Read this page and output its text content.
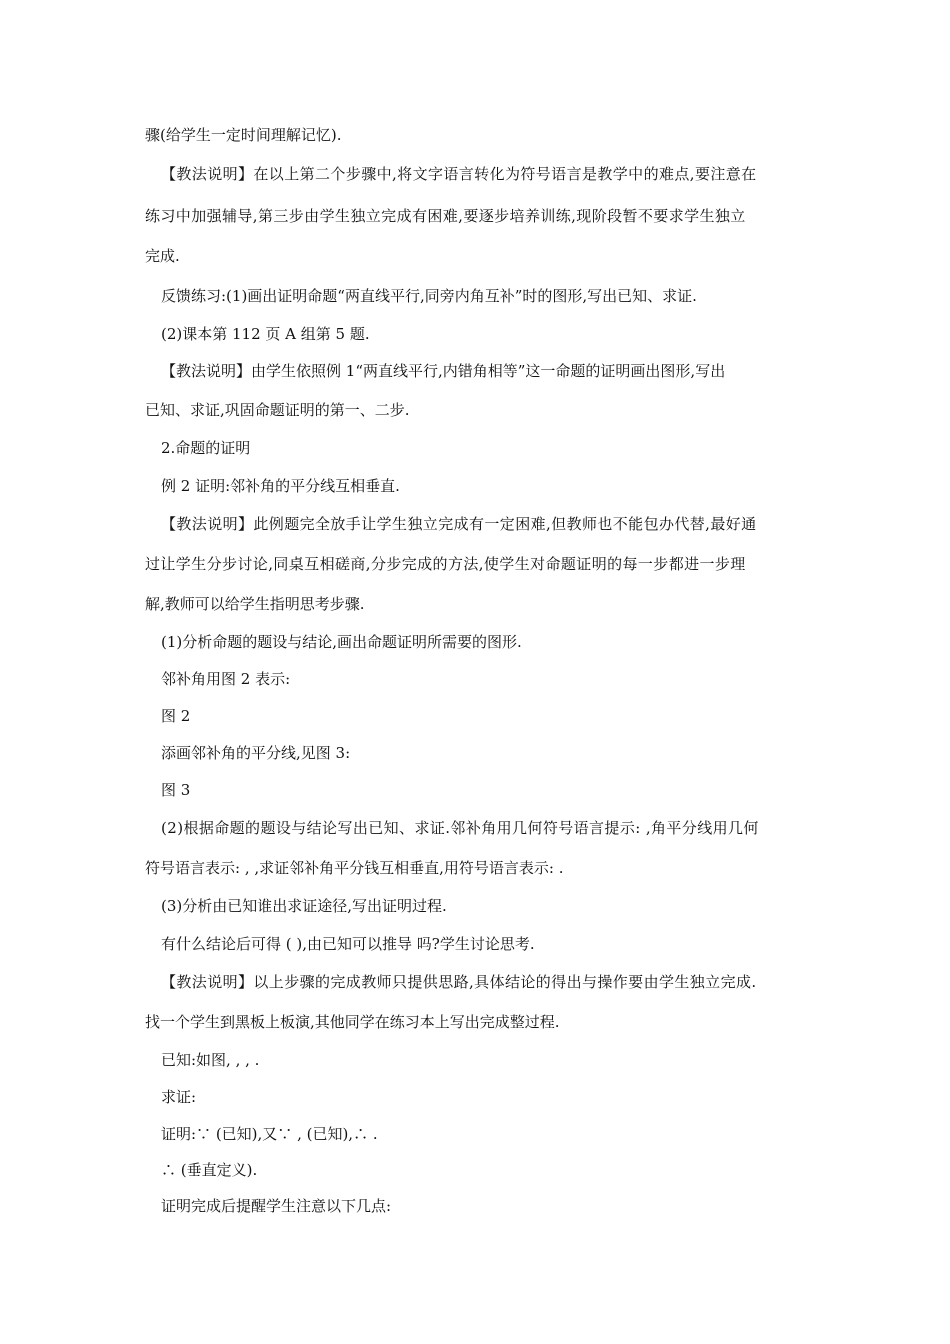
骤(给学生一定时间理解记忆).

【教法说明】在以上第二个步骤中,将文字语言转化为符号语言是教学中的难点,要注意在

练习中加强辅导,第三步由学生独立完成有困难,要逐步培养训练,现阶段暂不要求学生独立

完成.

反馈练习:(1)画出证明命题“两直线平行,同旁内角互补”时的图形,写出已知、求证.

(2)课本第 112 页 A 组第 5 题.

【教法说明】由学生依照例 1“两直线平行,内错角相等”这一命题的证明画出图形,写出

已知、求证,巩固命题证明的第一、二步.

2.命题的证明

例 2 证明:邻补角的平分线互相垂直.

【教法说明】此例题完全放手让学生独立完成有一定困难,但教师也不能包办代替,最好通

过让学生分步讨论,同桌互相磋商,分步完成的方法,使学生对命题证明的每一步都进一步理

解,教师可以给学生指明思考步骤.

(1)分析命题的题设与结论,画出命题证明所需要的图形.

邻补角用图 2 表示:

图 2

添画邻补角的平分线,见图 3:

图 3

(2)根据命题的题设与结论写出已知、求证.邻补角用几何符号语言提示: ,角平分线用几何

符号语言表示: , ,求证邻补角平分钱互相垂直,用符号语言表示: .

(3)分析由已知谁出求证途径,写出证明过程.

有什么结论后可得 ( ),由已知可以推导 吗?学生讨论思考.

【教法说明】以上步骤的完成教师只提供思路,具体结论的得出与操作要由学生独立完成.

找一个学生到黑板上板演,其他同学在练习本上写出完成整过程.

已知:如图, , , .

求证:

证明:∵ (已知),又∵ , (已知),∴ .

∴ (垂直定义).

证明完成后提醒学生注意以下几点:
